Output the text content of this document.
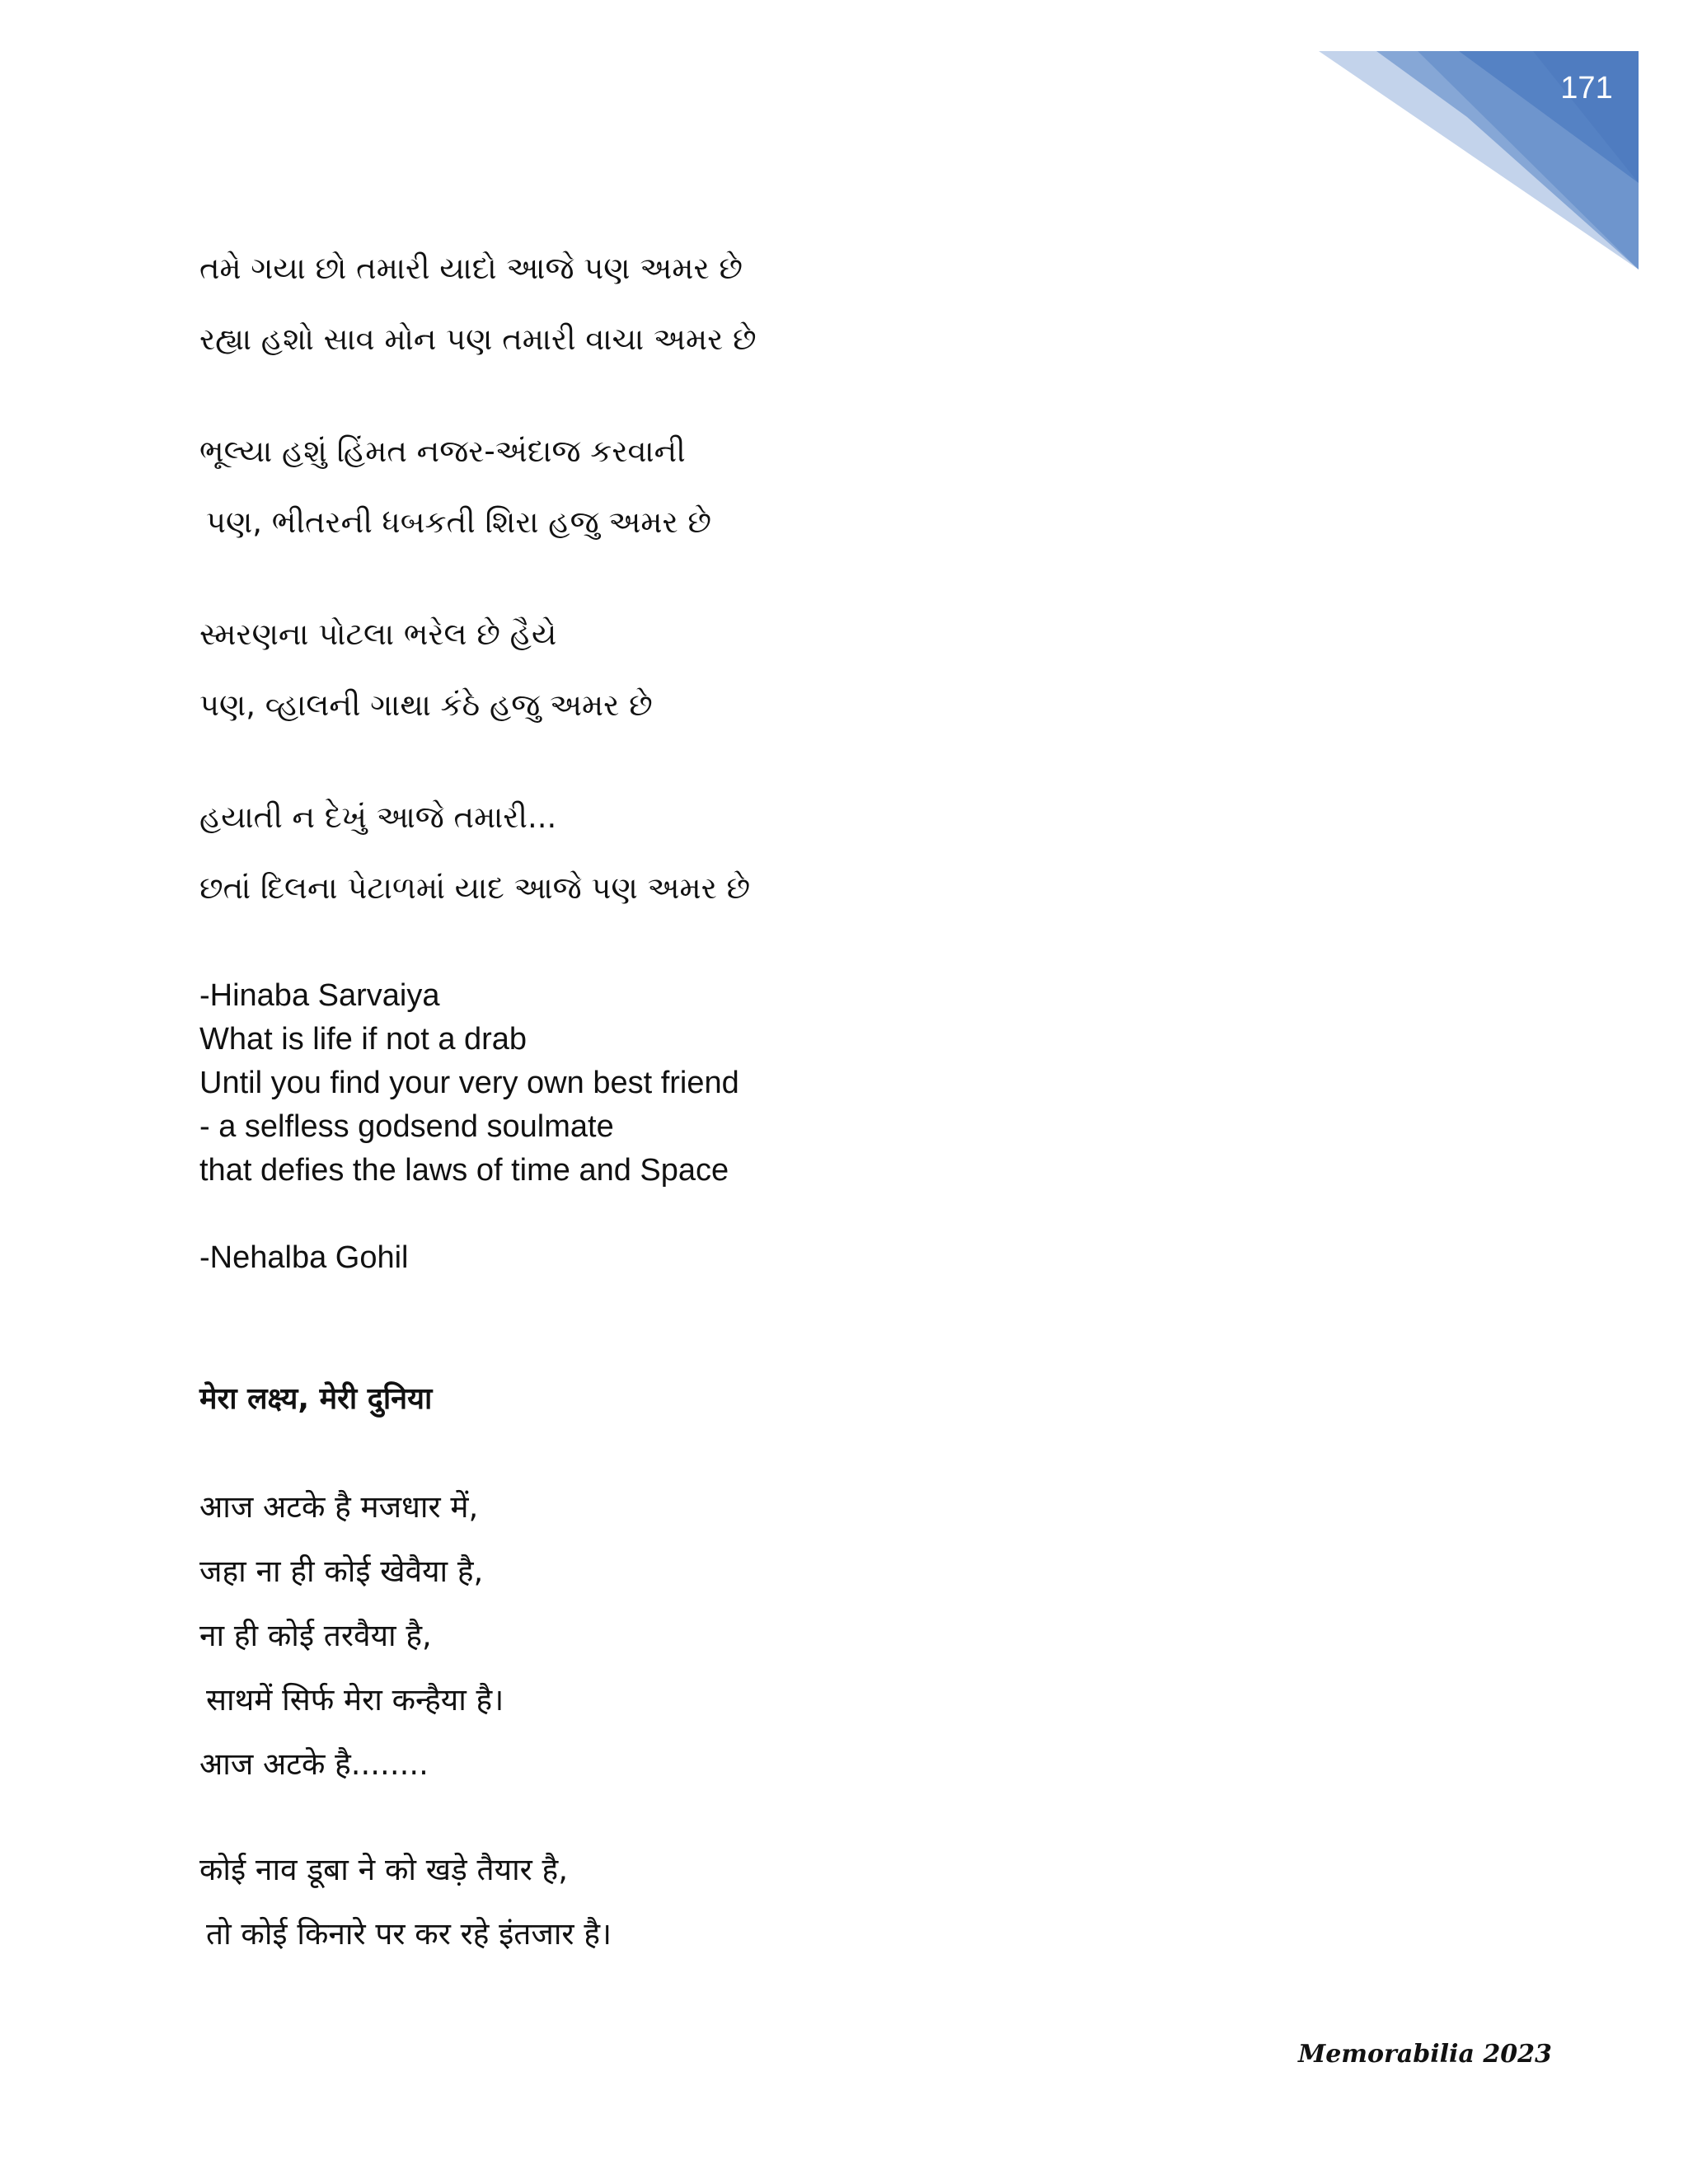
171
તમે ગયા છો તમારી યાદો આજે પણ અમર છે
રહ્યા હશો સાવ મોન પણ તમારી વાચા અમર છે
ભૂલ્યા હશું હિંમત નજર-અંદાજ કરવાની
પણ, ભીતરની ધબકતી શિરા હજુ અમર છે
સ્મરણના પોટલા ભરેલ છે હૈયે
પણ, વ્હાલની ગાથા કંઠે હજુ અમર છે
હયાતી ન દેખું આજે તમારી...
છતાં દિલના પેટાળમાં યાદ આજે પણ અમર છે
-Hinaba Sarvaiya
What is life if not a drab
Until you find your very own best friend
- a selfless godsend soulmate
that defies the laws of time and Space
-Nehalba Gohil
मेरा लक्ष्य, मेरी दुनिया
आज अटके है मजधार में,
जहा ना ही कोई खेवैया है,
ना ही कोई तरवैया है,
साथमें सिर्फ मेरा कन्हैया है।
आज अटके है........
कोई नाव डूबा ने को खड़े तैयार है,
तो कोई किनारे पर कर रहे इंतजार है।
Memorabilia 2023
